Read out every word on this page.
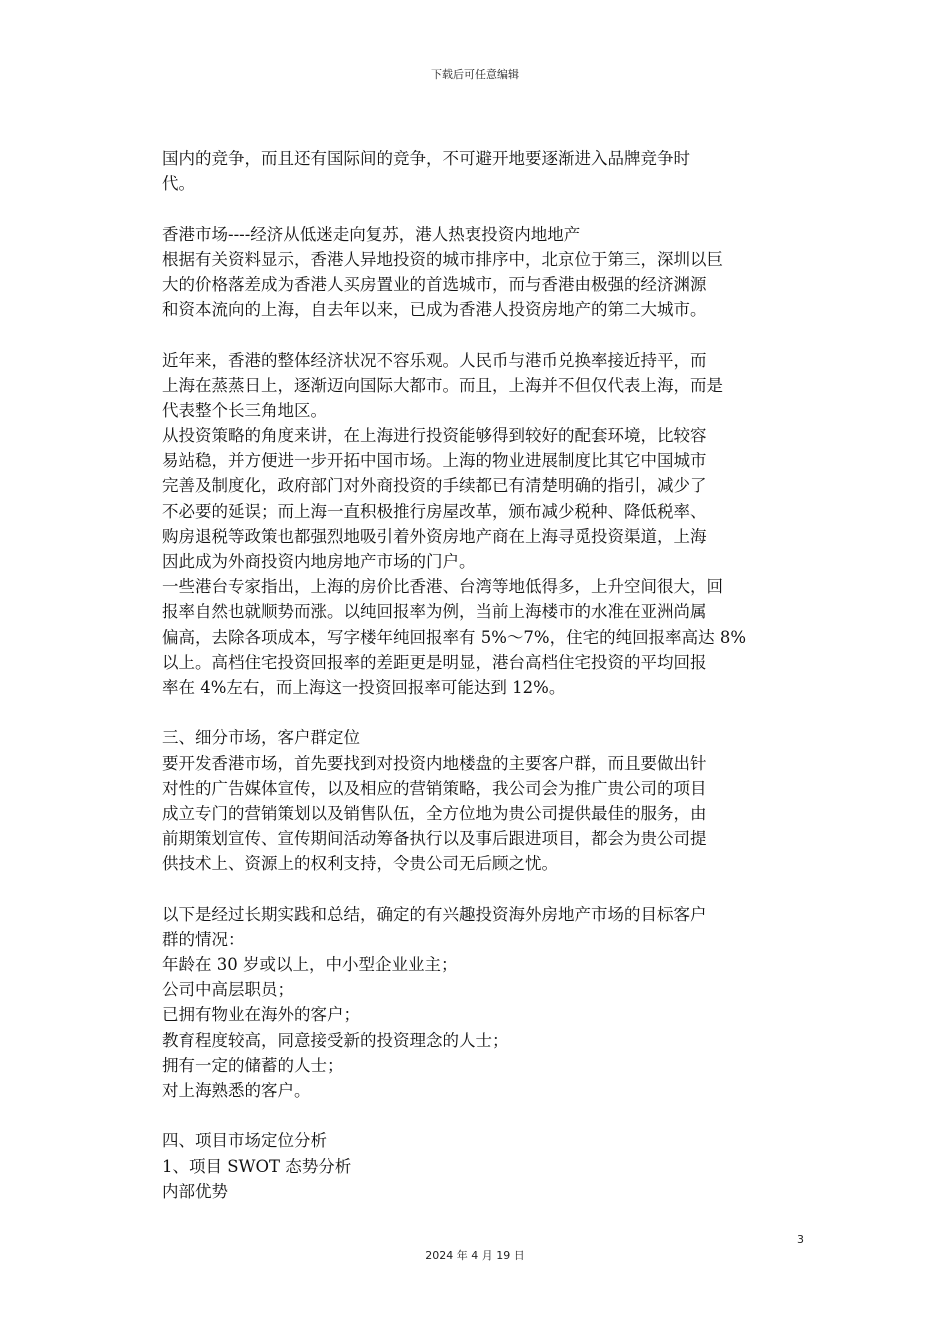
下载后可任意编辑
国内的竞争，而且还有国际间的竞争，不可避开地要逐渐进入品牌竞争时
代。
香港市场----经济从低迷走向复苏，港人热衷投资内地地产
根据有关资料显示，香港人异地投资的城市排序中，北京位于第三，深圳以巨
大的价格落差成为香港人买房置业的首选城市，而与香港由极强的经济渊源
和资本流向的上海，自去年以来，已成为香港人投资房地产的第二大城市。
近年来，香港的整体经济状况不容乐观。人民币与港币兑换率接近持平，而
上海在蒸蒸日上，逐渐迈向国际大都市。而且，上海并不但仅代表上海，而是
代表整个长三角地区。
从投资策略的角度来讲，在上海进行投资能够得到较好的配套环境，比较容
易站稳，并方便进一步开拓中国市场。上海的物业进展制度比其它中国城市
完善及制度化，政府部门对外商投资的手续都已有清楚明确的指引，减少了
不必要的延误；而上海一直积极推行房屋改革，颁布减少税种、降低税率、
购房退税等政策也都强烈地吸引着外资房地产商在上海寻觅投资渠道，上海
因此成为外商投资内地房地产市场的门户。
一些港台专家指出，上海的房价比香港、台湾等地低得多，上升空间很大，回
报率自然也就顺势而涨。以纯回报率为例，当前上海楼市的水准在亚洲尚属
偏高，去除各项成本，写字楼年纯回报率有 5%～7%，住宅的纯回报率高达 8%
以上。高档住宅投资回报率的差距更是明显，港台高档住宅投资的平均回报
率在 4%左右，而上海这一投资回报率可能达到 12%。
三、细分市场，客户群定位
要开发香港市场，首先要找到对投资内地楼盘的主要客户群，而且要做出针
对性的广告媒体宣传，以及相应的营销策略，我公司会为推广贵公司的项目
成立专门的营销策划以及销售队伍，全方位地为贵公司提供最佳的服务，由
前期策划宣传、宣传期间活动筹备执行以及事后跟进项目，都会为贵公司提
供技术上、资源上的权利支持，令贵公司无后顾之忧。
以下是经过长期实践和总结，确定的有兴趣投资海外房地产市场的目标客户
群的情况：
年龄在 30 岁或以上，中小型企业业主；
公司中高层职员；
已拥有物业在海外的客户；
教育程度较高，同意接受新的投资理念的人士；
拥有一定的储蓄的人士；
对上海熟悉的客户。
四、项目市场定位分析
1、项目 SWOT 态势分析
内部优势
3
2024 年 4 月 19 日
